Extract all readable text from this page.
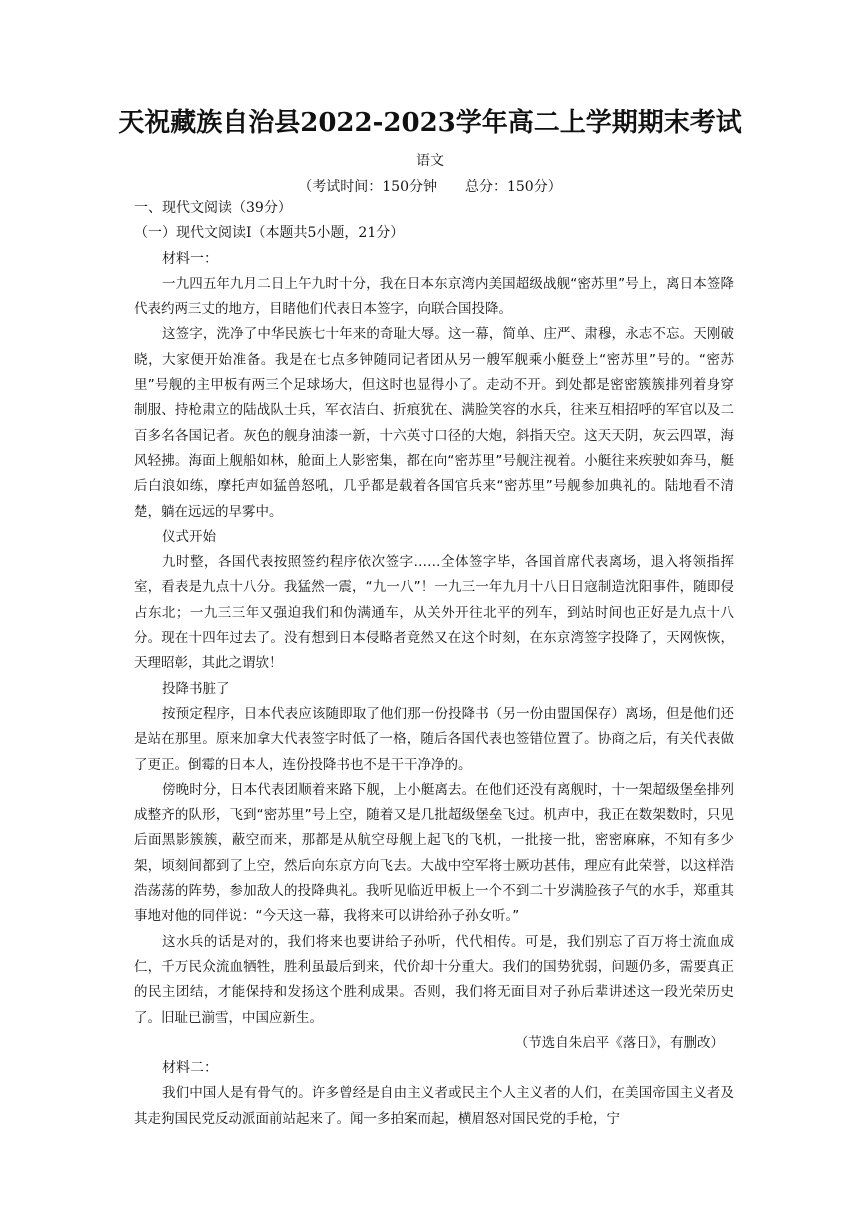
天祝藏族自治县2022-2023学年高二上学期期末考试
语文
（考试时间：150分钟　　总分：150分）

一、现代文阅读（39分）

（一）现代文阅读Ⅰ（本题共5小题，21分）

材料一：

一九四五年九月二日上午九时十分，我在日本东京湾内美国超级战舰“密苏里”号上，离日本签降代表约两三丈的地方，目睹他们代表日本签字，向联合国投降。

这签字，洗净了中华民族七十年来的奇耻大辱。这一幕，简单、庄严、肃穆，永志不忘。天刚破晓，大家便开始准备。我是在七点多钟随同记者团从另一艘军舰乘小艇登上“密苏里”号的。“密苏里”号舰的主甲板有两三个足球场大，但这时也显得小了。走动不开。到处都是密密簇簇排列着身穿制服、持枪肃立的陆战队士兵，军衣洁白、折痕犹在、满脸笑容的水兵，往来互相招呼的军官以及二百多名各国记者。灰色的舰身油漆一新，十六英寸口径的大炮，斜指天空。这天天阴，灰云四罩，海风轻拂。海面上舰船如林，舱面上人影密集，都在向“密苏里”号舰注视着。小艇往来疾驶如奔马，艇后白浪如练，摩托声如猛兽怒吼，几乎都是载着各国官兵来“密苏里”号舰参加典礼的。陆地看不清楚，躺在远远的早雾中。

仪式开始

九时整，各国代表按照签约程序依次签字……全体签字毕，各国首席代表离场，退入将领指挥室，看表是九点十八分。我猛然一震，“九一八”！一九三一年九月十八日日寇制造沈阳事件，随即侵占东北；一九三三年又强迫我们和伪满通车，从关外开往北平的列车，到站时间也正好是九点十八分。现在十四年过去了。没有想到日本侵略者竟然又在这个时刻，在东京湾签字投降了，天网恢恢，天理昭彰，其此之谓欤！

投降书脏了

按预定程序，日本代表应该随即取了他们那一份投降书（另一份由盟国保存）离场，但是他们还是站在那里。原来加拿大代表签字时低了一格，随后各国代表也签错位置了。协商之后，有关代表做了更正。倒霉的日本人，连份投降书也不是干干净净的。

傍晚时分，日本代表团顺着来路下舰，上小艇离去。在他们还没有离舰时，十一架超级堡垒排列成整齐的队形，飞到“密苏里”号上空，随着又是几批超级堡垒飞过。机声中，我正在数架数时，只见后面黑影簇簇，蔽空而来，那都是从航空母舰上起飞的飞机，一批接一批，密密麻麻，不知有多少架，顷刻间都到了上空，然后向东京方向飞去。大战中空军将士厥功甚伟，理应有此荣誉，以这样浩浩荡荡的阵势，参加敌人的投降典礼。我听见临近甲板上一个不到二十岁满脸孩子气的水手，郑重其事地对他的同伴说：“今天这一幕，我将来可以讲给孙子孙女听。”

这水兵的话是对的，我们将来也要讲给子孙听，代代相传。可是，我们别忘了百万将士流血成仁，千万民众流血牺牲，胜利虽最后到来，代价却十分重大。我们的国势犹弱，问题仍多，需要真正的民主团结，才能保持和发扬这个胜利成果。否则，我们将无面目对子孙后辈讲述这一段光荣历史了。旧耻已湔雪，中国应新生。

（节选自朱启平《落日》，有删改）

材料二：

我们中国人是有骨气的。许多曾经是自由主义者或民主个人主义者的人们，在美国帝国主义者及其走狗国民党反动派面前站起来了。闻一多拍案而起，横眉怒对国民党的手枪，宁
